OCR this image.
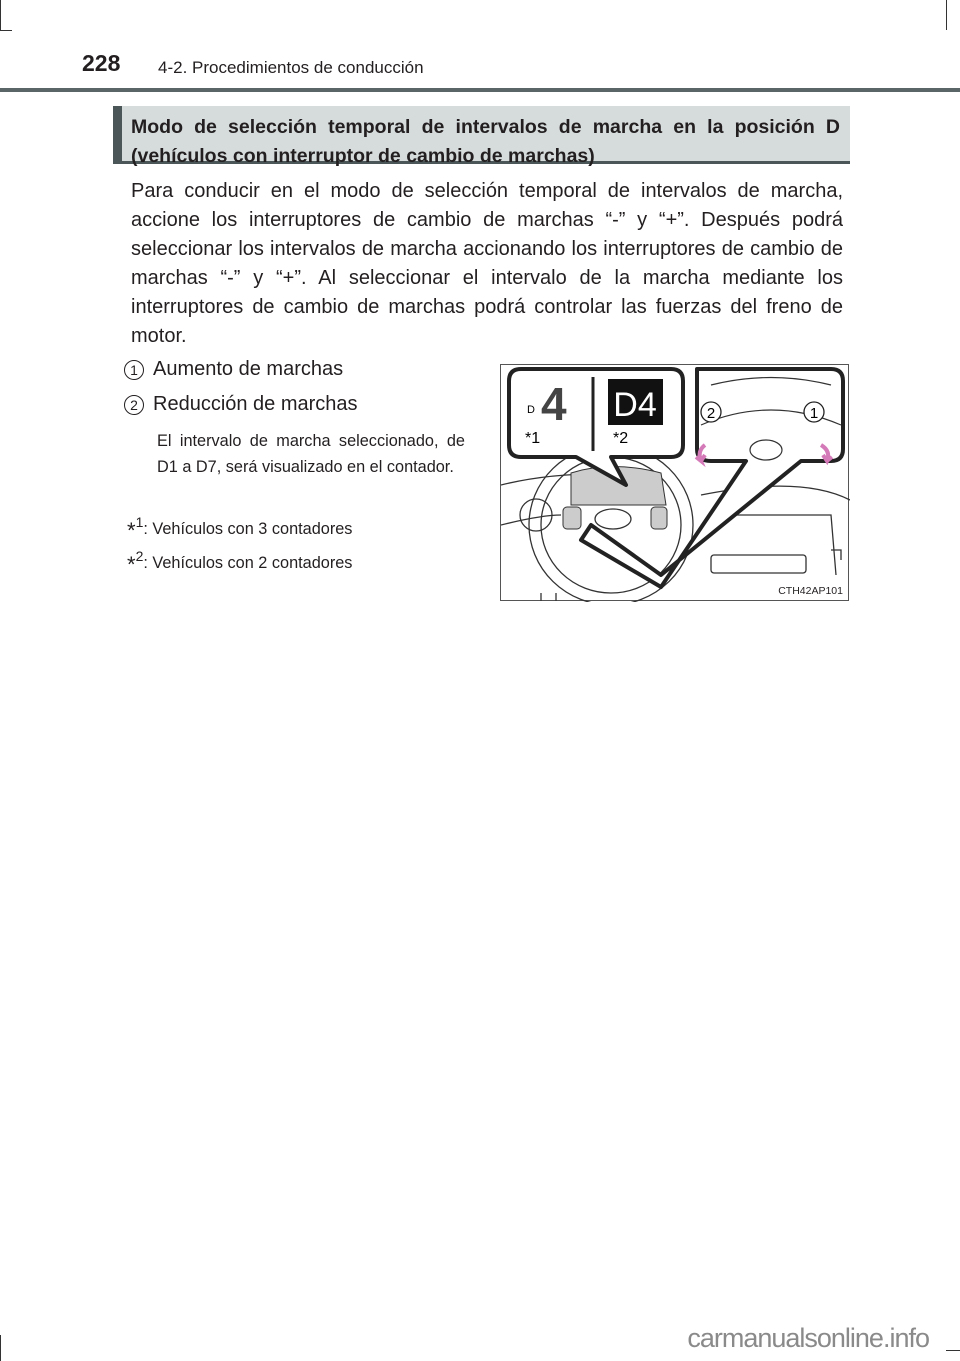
228 4-2. Procedimientos de conducción
Modo de selección temporal de intervalos de marcha en la posición D (vehículos con interruptor de cambio de marchas)
Para conducir en el modo de selección temporal de intervalos de marcha, accione los interruptores de cambio de marchas “-” y “+”. Después podrá seleccionar los intervalos de marcha accionando los interruptores de cambio de marchas “-” y “+”. Al seleccionar el intervalo de la marcha mediante los interruptores de cambio de marchas podrá controlar las fuerzas del freno de motor.
1 Aumento de marchas
2 Reducción de marchas
El intervalo de marcha seleccionado, de D1 a D7, será visualizado en el contador.
*$^1$: Vehículos con 3 contadores
*$^2$: Vehículos con 2 contadores
D4
D 4
*1	*2
2	1
CTH42AP101
carmanualsonline.info
